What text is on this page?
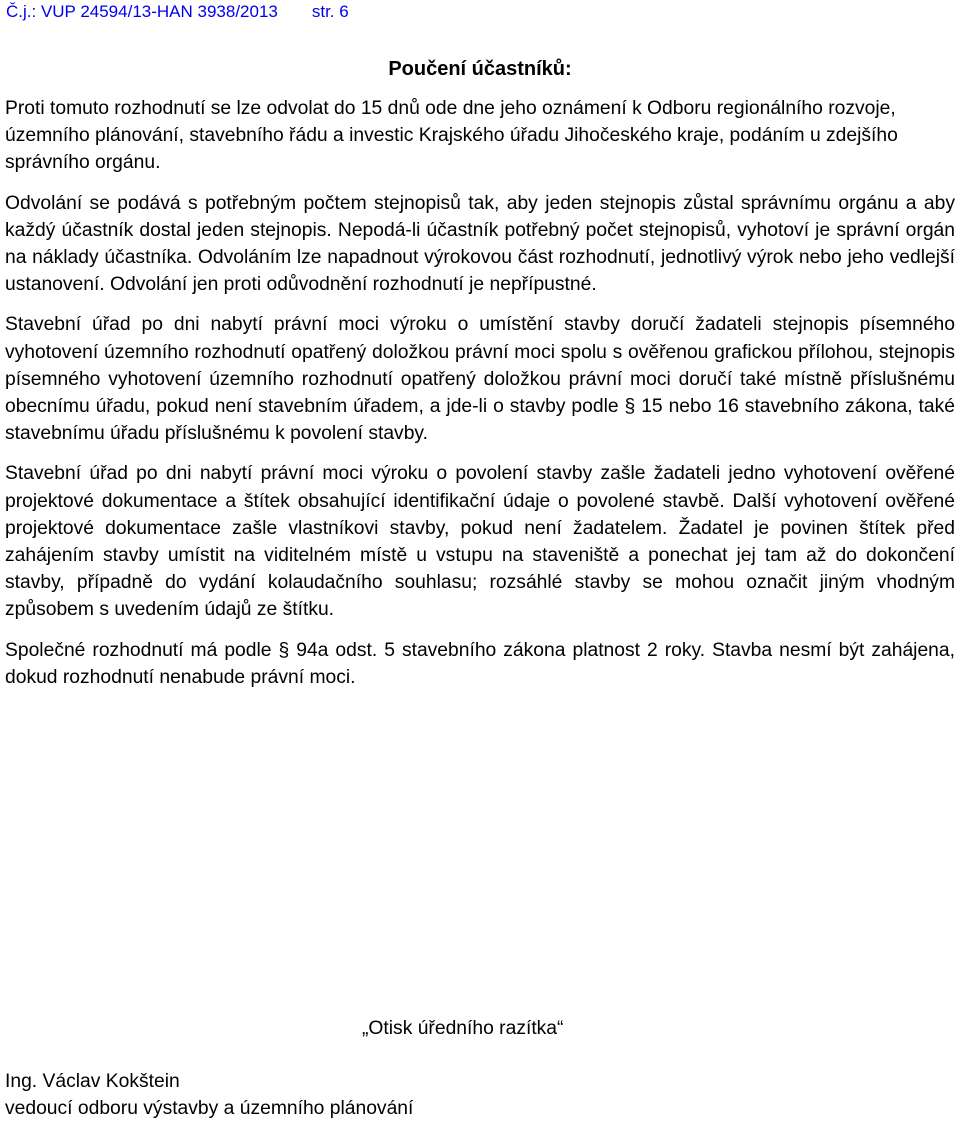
Č.j.: VUP 24594/13-HAN 3938/2013 str. 6
Poučení účastníků:

Proti tomuto rozhodnutí se lze odvolat do 15 dnů ode dne jeho oznámení k Odboru regionálního rozvoje, územního plánování, stavebního řádu a investic Krajského úřadu Jihočeského kraje, podáním u zdejšího správního orgánu.

Odvolání se podává s potřebným počtem stejnopisů tak, aby jeden stejnopis zůstal správnímu orgánu a aby každý účastník dostal jeden stejnopis. Nepodá-li účastník potřebný počet stejnopisů, vyhotoví je správní orgán na náklady účastníka. Odvoláním lze napadnout výrokovou část rozhodnutí, jednotlivý výrok nebo jeho vedlejší ustanovení. Odvolání jen proti odůvodnění rozhodnutí je nepřípustné.

Stavební úřad po dni nabytí právní moci výroku o umístění stavby doručí žadateli stejnopis písemného vyhotovení územního rozhodnutí opatřený doložkou právní moci spolu s ověřenou grafickou přílohou, stejnopis písemného vyhotovení územního rozhodnutí opatřený doložkou právní moci doručí také místně příslušnému obecnímu úřadu, pokud není stavebním úřadem, a jde-li o stavby podle § 15 nebo 16 stavebního zákona, také stavebnímu úřadu příslušnému k povolení stavby.

Stavební úřad po dni nabytí právní moci výroku o povolení stavby zašle žadateli jedno vyhotovení ověřené projektové dokumentace a štítek obsahující identifikační údaje o povolené stavbě. Další vyhotovení ověřené projektové dokumentace zašle vlastníkovi stavby, pokud není žadatelem. Žadatel je povinen štítek před zahájením stavby umístit na viditelném místě u vstupu na staveniště a ponechat jej tam až do dokončení stavby, případně do vydání kolaudačního souhlasu; rozsáhlé stavby se mohou označit jiným vhodným způsobem s uvedením údajů ze štítku.

Společné rozhodnutí má podle § 94a odst. 5 stavebního zákona platnost 2 roky. Stavba nesmí být zahájena, dokud rozhodnutí nenabude právní moci.

„Otisk úředního razítka“
Ing. Václav Kokštein
vedoucí odboru výstavby a územního plánování
